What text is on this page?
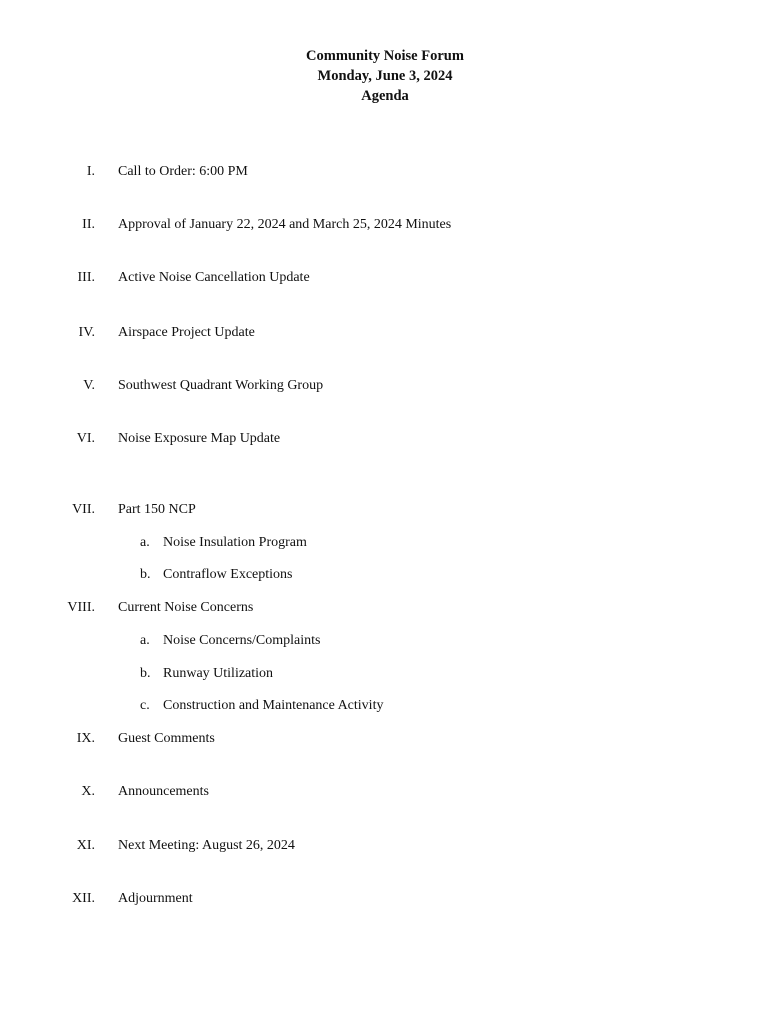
Community Noise Forum
Monday, June 3, 2024
Agenda
I. Call to Order: 6:00 PM
II. Approval of January 22, 2024 and March 25, 2024 Minutes
III. Active Noise Cancellation Update
IV. Airspace Project Update
V. Southwest Quadrant Working Group
VI. Noise Exposure Map Update
VII. Part 150 NCP
a. Noise Insulation Program
b. Contraflow Exceptions
VIII. Current Noise Concerns
a. Noise Concerns/Complaints
b. Runway Utilization
c. Construction and Maintenance Activity
IX. Guest Comments
X. Announcements
XI. Next Meeting: August 26, 2024
XII. Adjournment
